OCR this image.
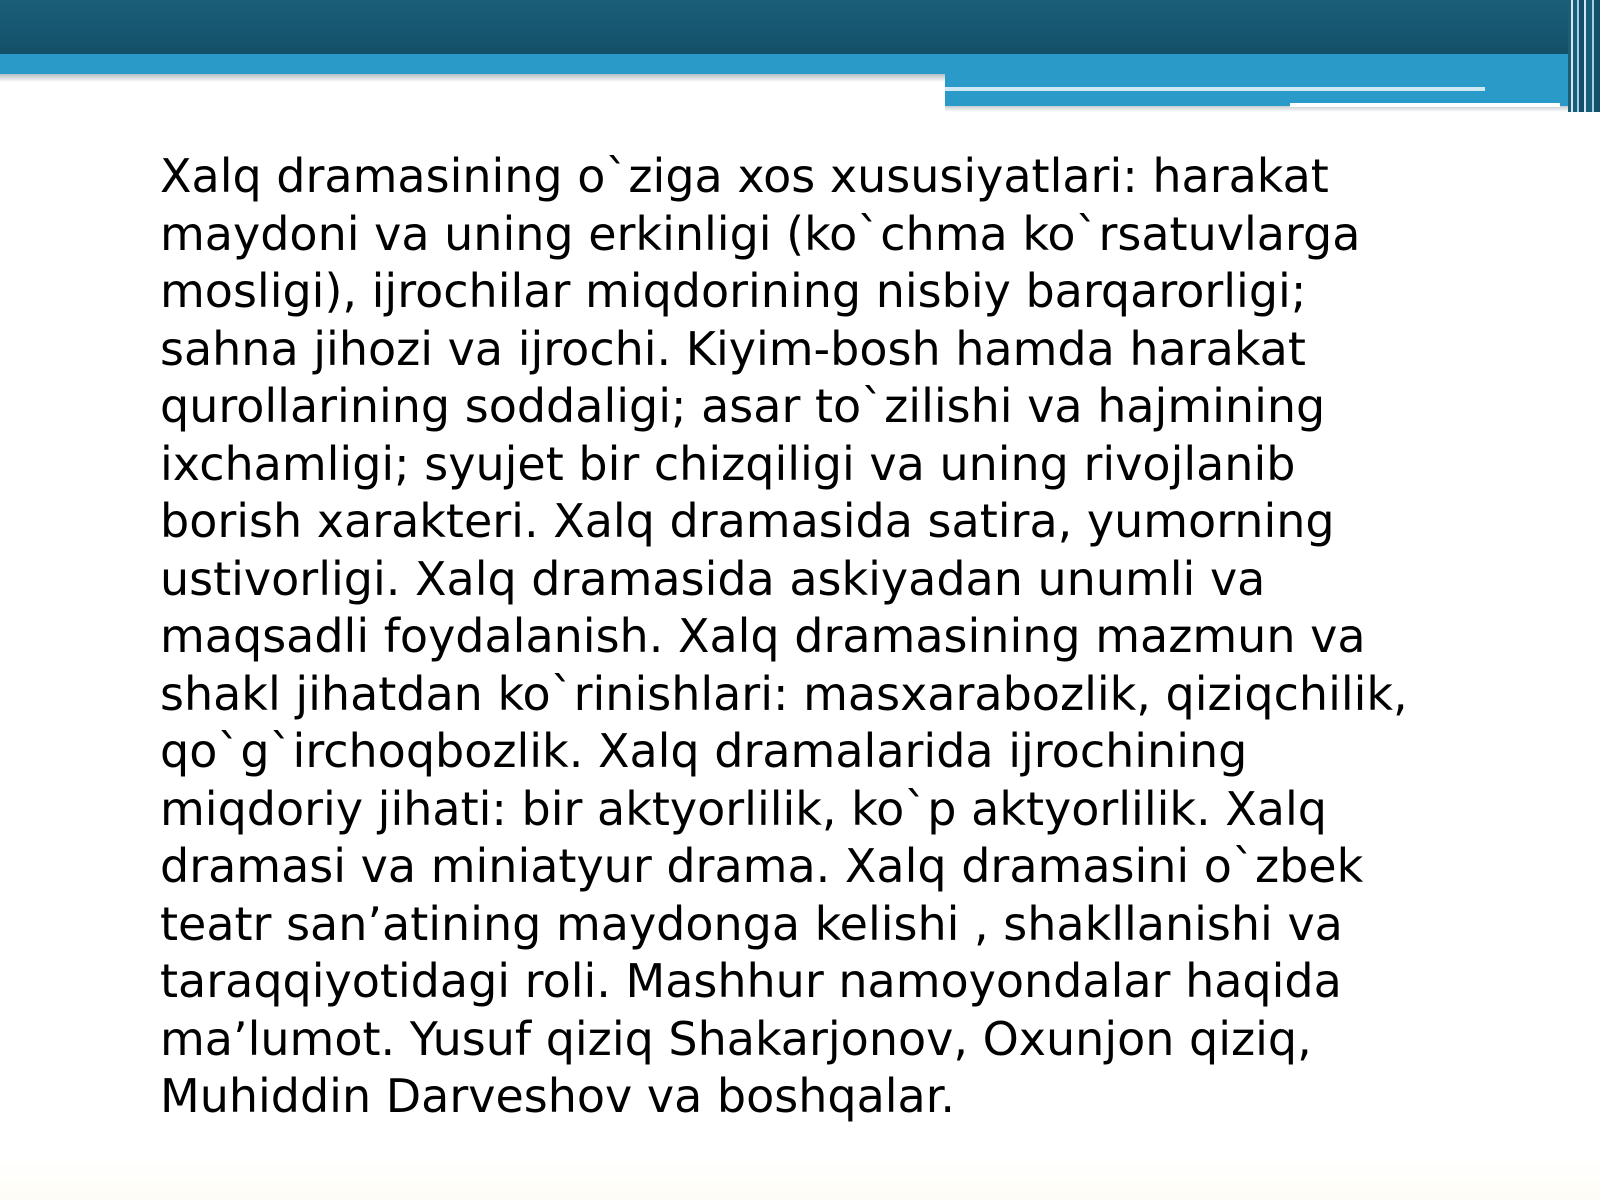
Xalq dramasining o`ziga xos xususiyatlari: harakat
maydoni va uning erkinligi (ko`chma ko`rsatuvlarga
mosligi), ijrochilar miqdorining nisbiy barqarorligi;
sahna jihozi va ijrochi. Kiyim-bosh hamda harakat
qurollarining soddaligi; asar to`zilishi va hajmining
ixchamligi; syujet bir chizqiligi va uning rivojlanib
borish xarakteri. Xalq dramasida satira, yumorning
ustivorligi. Xalq dramasida askiyadan unumli va
maqsadli foydalanish. Xalq dramasining mazmun va
shakl jihatdan ko`rinishlari: masxarabozlik, qiziqchilik,
qo`g`irchoqbozlik. Xalq dramalarida ijrochining
miqdoriy jihati: bir aktyorlilik, ko`p aktyorlilik. Xalq
dramasi va miniatyur drama. Xalq dramasini o`zbek
teatr san’atining maydonga kelishi , shakllanishi va
taraqqiyotidagi roli. Mashhur namoyondalar haqida
ma’lumot. Yusuf qiziq Shakarjonov, Oxunjon qiziq,
Muhiddin Darveshov va boshqalar.
